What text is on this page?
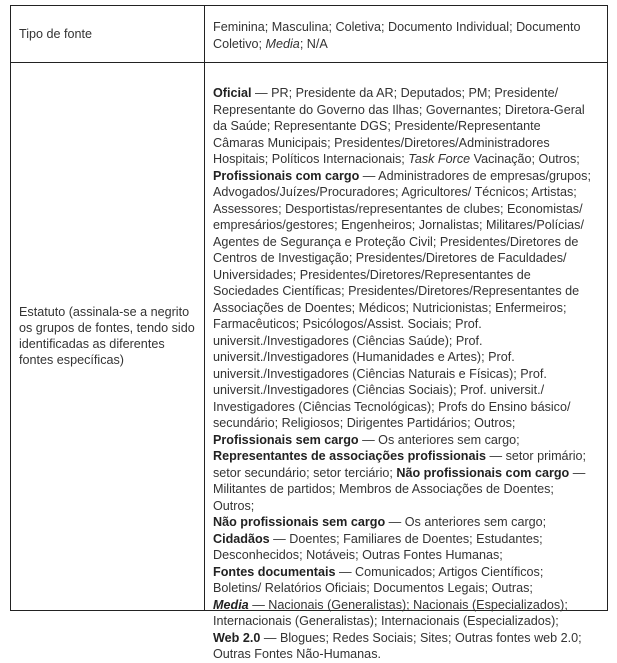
Tipo de fonte	Feminina; Masculina; Coletiva; Documento Individual; Documento Coletivo; Media; N/A
Estatuto (assinala-se a negrito os grupos de fontes, tendo sido identificadas as diferentes fontes específicas)
Oficial — PR; Presidente da AR; Deputados; PM; Presidente/ Representante do Governo das Ilhas; Governantes; Diretora-Geral da Saúde; Representante DGS; Presidente/Representante Câmaras Municipais; Presidentes/Diretores/Administradores Hospitais; Políticos Internacionais; Task Force Vacinação; Outros;
Profissionais com cargo — Administradores de empresas/grupos; Advogados/Juízes/Procuradores; Agricultores/ Técnicos; Artistas; Assessores; Desportistas/representantes de clubes; Economistas/ empresários/gestores; Engenheiros; Jornalistas; Militares/Polícias/ Agentes de Segurança e Proteção Civil; Presidentes/Diretores de Centros de Investigação; Presidentes/Diretores de Faculdades/ Universidades; Presidentes/Diretores/Representantes de Sociedades Científicas; Presidentes/Diretores/Representantes de Associações de Doentes; Médicos; Nutricionistas; Enfermeiros; Farmacêuticos; Psicólogos/Assist. Sociais; Prof. universit./Investigadores (Ciências Saúde); Prof. universit./Investigadores (Humanidades e Artes); Prof. universit./Investigadores (Ciências Naturais e Físicas); Prof. universit./Investigadores (Ciências Sociais); Prof. universit./ Investigadores (Ciências Tecnológicas); Profs do Ensino básico/ secundário; Religiosos; Dirigentes Partidários; Outros;
Profissionais sem cargo — Os anteriores sem cargo;
Representantes de associações profissionais — setor primário; setor secundário; setor terciário; Não profissionais com cargo — Militantes de partidos; Membros de Associações de Doentes; Outros;
Não profissionais sem cargo — Os anteriores sem cargo;
Cidadãos — Doentes; Familiares de Doentes; Estudantes; Desconhecidos; Notáveis; Outras Fontes Humanas;
Fontes documentais — Comunicados; Artigos Científicos; Boletins/ Relatórios Oficiais; Documentos Legais; Outras;
Media — Nacionais (Generalistas); Nacionais (Especializados); Internacionais (Generalistas); Internacionais (Especializados);
Web 2.0 — Blogues; Redes Sociais; Sites; Outras fontes web 2.0; Outras Fontes Não-Humanas.
